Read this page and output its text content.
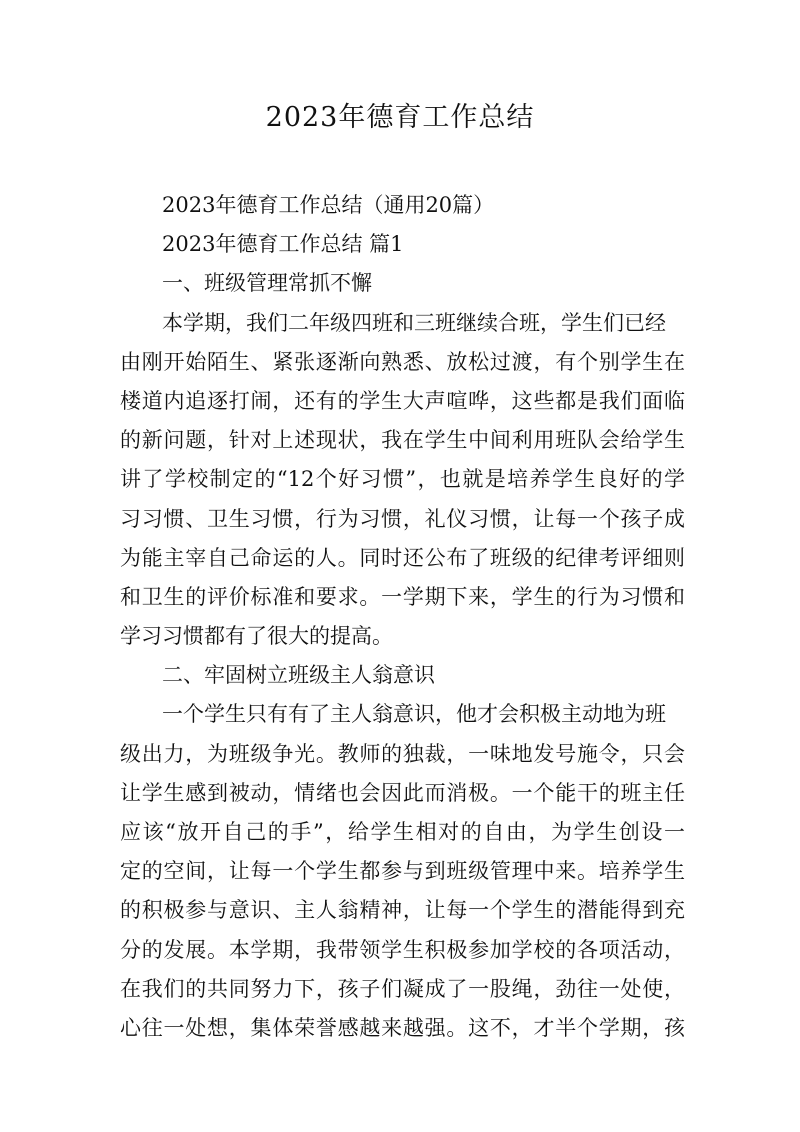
2023年德育工作总结
2023年德育工作总结（通用20篇）
2023年德育工作总结 篇1
一、班级管理常抓不懈
本学期，我们二年级四班和三班继续合班，学生们已经
由刚开始陌生、紧张逐渐向熟悉、放松过渡，有个别学生在
楼道内追逐打闹，还有的学生大声喧哗，这些都是我们面临
的新问题，针对上述现状，我在学生中间利用班队会给学生
讲了学校制定的“12个好习惯”，也就是培养学生良好的学
习习惯、卫生习惯，行为习惯，礼仪习惯，让每一个孩子成
为能主宰自己命运的人。同时还公布了班级的纪律考评细则
和卫生的评价标准和要求。一学期下来，学生的行为习惯和
学习习惯都有了很大的提高。
二、牢固树立班级主人翁意识
一个学生只有有了主人翁意识，他才会积极主动地为班
级出力，为班级争光。教师的独裁，一味地发号施令，只会
让学生感到被动，情绪也会因此而消极。一个能干的班主任
应该“放开自己的手”，给学生相对的自由，为学生创设一
定的空间，让每一个学生都参与到班级管理中来。培养学生
的积极参与意识、主人翁精神，让每一个学生的潜能得到充
分的发展。本学期，我带领学生积极参加学校的各项活动，
在我们的共同努力下，孩子们凝成了一股绳，劲往一处使，
心往一处想，集体荣誉感越来越强。这不，才半个学期，孩
